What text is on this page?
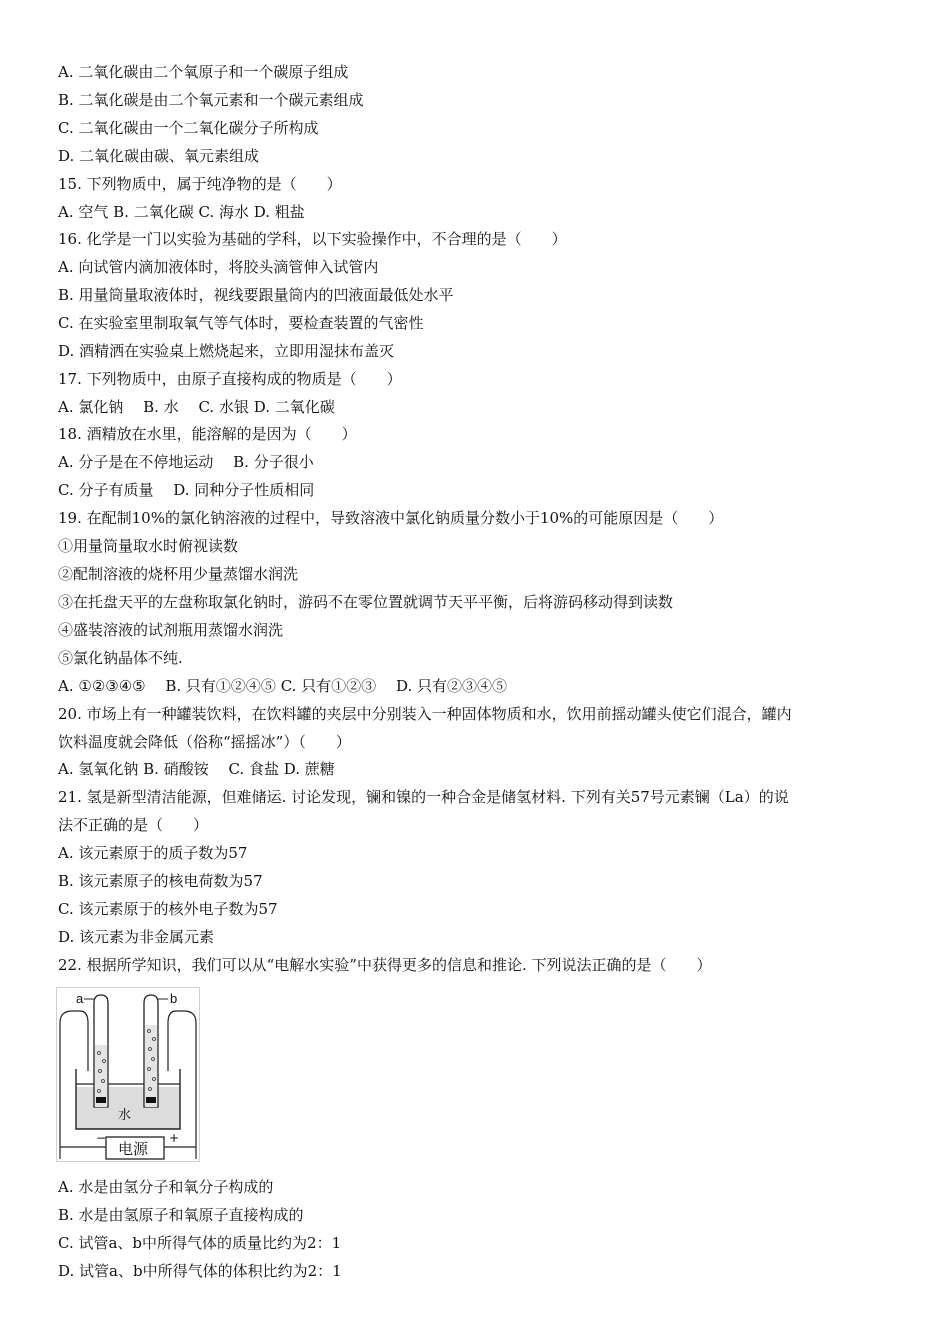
A. 二氧化碳由二个氧原子和一个碳原子组成
B. 二氧化碳是由二个氧元素和一个碳元素组成
C. 二氧化碳由一个二氧化碳分子所构成
D. 二氧化碳由碳、氧元素组成
15. 下列物质中，属于纯净物的是（　　）
A. 空气 B. 二氧化碳 C. 海水 D. 粗盐
16. 化学是一门以实验为基础的学科，以下实验操作中，不合理的是（　　）
A. 向试管内滴加液体时，将胶头滴管伸入试管内
B. 用量筒量取液体时，视线要跟量筒内的凹液面最低处水平
C. 在实验室里制取氧气等气体时，要检查装置的气密性
D. 酒精洒在实验桌上燃烧起来，立即用湿抹布盖灭
17. 下列物质中，由原子直接构成的物质是（　　）
A. 氯化钠　 B. 水　 C. 水银 D. 二氧化碳
18. 酒精放在水里，能溶解的是因为（　　）
A. 分子是在不停地运动　 B. 分子很小
C. 分子有质量　 D. 同种分子性质相同
19. 在配制10%的氯化钠溶液的过程中，导致溶液中氯化钠质量分数小于10%的可能原因是（　　）
①用量筒量取水时俯视读数
②配制溶液的烧杯用少量蒸馏水润洗
③在托盘天平的左盘称取氯化钠时，游码不在零位置就调节天平平衡，后将游码移动得到读数
④盛装溶液的试剂瓶用蒸馏水润洗
⑤氯化钠晶体不纯.
A. ①②③④⑤　 B. 只有①②④⑤ C. 只有①②③　 D. 只有②③④⑤
20. 市场上有一种罐装饮料，在饮料罐的夹层中分别装入一种固体物质和水，饮用前摇动罐头使它们混合，罐内
饮料温度就会降低（俗称“摇摇冰”）（　　）
A. 氢氧化钠 B. 硝酸铵　 C. 食盐 D. 蔗糖
21. 氢是新型清洁能源，但难储运. 讨论发现，镧和镍的一种合金是储氢材料. 下列有关57号元素镧（La）的说
法不正确的是（　　）
A. 该元素原于的质子数为57
B. 该元素原子的核电荷数为57
C. 该元素原于的核外电子数为57
D. 该元素为非金属元素
22. 根据所学知识，我们可以从“电解水实验”中获得更多的信息和推论. 下列说法正确的是（　　）
a	b
水
电源
−	+
A. 水是由氢分子和氧分子构成的
B. 水是由氢原子和氧原子直接构成的
C. 试管a、b中所得气体的质量比约为2：1
D. 试管a、b中所得气体的体积比约为2：1
